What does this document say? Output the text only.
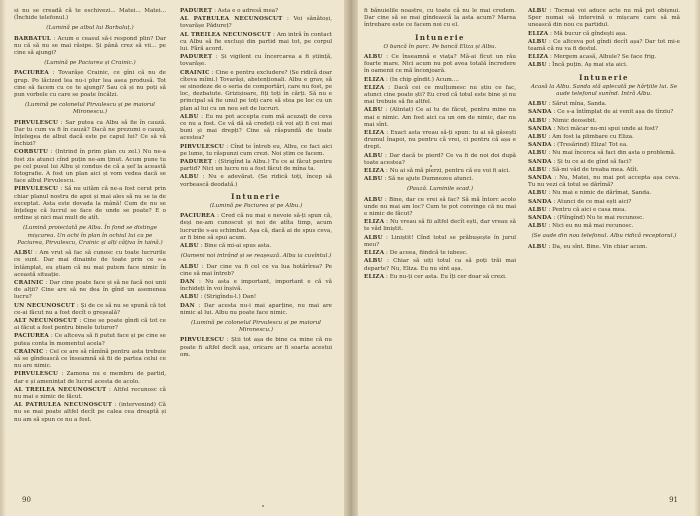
si nu se creadă că te eschivezi... Matei... Matei... (Închide telefonul.)

(Lumină pe albul lui Barbaluț.)

BARBATUL : Acum e ceasul să-i respond plin? Dar nu că să nu se mai răsipe. Și până crez să vii... pe cine să ajungi?

(Lumină pe Paciurea și Crainic.)

PACIUREA : Tovarășe Crainic, ce gîni că nu de grup. Po lăcized lea nu-i plur lea asea produsă. Tot cine să facem cu ce te ajungi? Sau că și nu poți să pun vorbele cu care se poate încălzi.

(Lumină pe colonelul Pirvulescu și pe maiorul Mironescu.)

PIRVULESCU : Sar putea ca Albu să fie în cauză. Dar tu cum va fi în cauză? Dacă ne prezumi o cauză, înțelegea de albul dacă este pe capul lui? Ce să vă închizi?

CORBUTU : (Intrind în prim plan cu zel.) Nu ne-a fost zis atunci cînd puțin ne-am ținut. Acum pune tu pe cel pusul lui Albu și condus de că a șef la această fotografie. A fost un plan aici și vom vedea dacă se face albul Pirvulescu.

PIRVULESCU : Să nu uităm că ne-a fost cerut prin chiar planul nostru de apoi și mai ales să nu se ia de exceptat. Asta este dovada la mână! Cum de nu se înțelege că lucrul se face de unde se poate? E o ordine și nici mai mult de atît.

(Lumină proiectată pe Albu. În fond se distinge mișcarea. Un ochi în plan în ochiul lui ca pe Paciurea, Pirvulescu, Crainic și alți câțiva în taină.)

ALBU : Am vrut să fac să cunosc cu toate lucrurile ce sunt. Dar mai dinainte de toate prin ce s-a întâmplat, eu știam că nu mai putem face nimic în această situație.

CRAINIC : Dar cine poate face și să ne facă noi unii de alții? Cine are să ne dea în gînd un asemenea lucru?

UN NECUNOSCUT : Și de ce să nu se spună că tot ce-ai făcut nu a fost decît o greșeală?

ALT NECUNOSCUT : Cine se poate gîndi că tot ce ai făcut a fost pentru binele tuturor?

PACIUREA : Ce altceva să fi putut face și pe cine se putea conta în momentul acela?

CRAINIC : Cel ce are să rămînă pentru asta trebuie să se gîndească ce înseamnă să fii de partea celui ce nu are nimic.

PIRVULESCU : Zamona nu e membru de partid, dar e și amenințat de lucrul acesta de acolo.

AL TREILEA NECUNOSCUT : Altfel recunosc că nu mai e nimic de făcut.

AL PATRULEA NECUNOSCUT : (intervenind) Că nu se mai poate altfel decît pe calea cea dreaptă și nu am să spun ce nu a fost.

PADUREȚ : Asta e o adresă mea?

AL PATRULEA NECUNOSCUT : Voi sănătoși, tovarășe Pădureț?

AL TREILEA NECUNOSCUT : Am intră în contact cu Albu să fie excluși din partid mai tot, pe corpul lui. Fără acord.

PADUREȚ : Și vigilent cu încercarea a fi știință, tovarășe.

CRAINIC : Cine e pentru excludere? (Se ridică doar cîteva mîini.) Tovarăși, abstenționali. Albu e grav, să se sinodeze de o seria de comportări, care nu fost, pe loc, dezbatute. Grizișioare, fiți toți în cărți. Să nu e principal să fie unul pe toți care să stea pe loc cu un plan al lui cu un nou set de lucruri.

ALBU : Eu nu pot accepta cum mă acuzați de ceva ce nu a fost. Ce vă dă să credeți că voi ați fi cei mai buni și mai drepți? Cine să răspundă de toate acestea?

PIRVULESCU : Cînd te întreb eu, Albu, ce faci aici pe lume, tu răspunzi cum crezi. Noi știm ce facem.

PADUREȚ : (Strigînd la Albu.) Tu ce ai făcut pentru partid? Nici un lucru nu a fost făcut de mîna ta.

ALBU : Nu e adevărat. (Se ridică toți, încep să vorbească deodată.)

Intunerie

(Lumină pe Paciurea și pe Albu.)

PACIUREA : Cred că nu mai e nevoie să-ți spun că, deși ne-am cunoscut și noi de atîta timp, acum lucrurile s-au schimbat. Așa că, dacă ai de spus ceva, ar fi bine să spui acum.

ALBU : Bine că mi-ai spus asta.

(Oameni noi intrând și se reașează. Albu ia cuvîntul.)

ALBU : Dar cine va fi cel ce va lua hotărîrea? Pe cine să mai întreb?

DAN : Nu asta e important, important e că vă închideți în voi înșivă.

ALBU : (Strigîndu-l.) Dan!

DAN : Dar acesta nu-i mai aparține, nu mai are nimic al lui. Albu nu poate face nimic.

(Lumină pe colonelul Pirvulescu și pe maiorul Mironescu.)

PIRVULESCU : Știi tot așa de bine ca mine că nu poate fi altfel decît așa, oricare ar fi soarta acestui om.

fi bănuielile noastre, cu toate că nu le mai credem. Dar cine să se mai gîndească la asta acum? Marea întrebare este ce facem noi cu el.

Intunerie

O bancă în parc. Pe bancă Eliza și Albu.

ALBU : Ce înseamnă e viața? Mă-ai fîcut un rău foarte mare. Nici acum nu pot avea totală încredere în oamenii ce mă înconjoară.

ELIZA : (In chip gîndit.) Acum....

ELIZA : Dacă cei ce mulțumesc nu știu ce fac, atunci cine poate ști? Eu cred că totul este bine și nu mai trebuie să fie altfel.

ALBU : (Alintat) Ce ai tu de făcut, pentru mine nu mai e nimic. Am fost aici ca un om de nimic, dar nu mai sînt.

ELIZA : Exact asta vreau să-ți spun: tu ai să găsești drumul înapoi, nu pentru că vrei, ci pentru că așa e drept.

ALBU : Dar dacă te pierd? Ce va fi de noi doi după toate acestea?

ELIZA : Nu ai să mă pierzi, pentru că eu voi fi aici.

ALBU : Să ne ajute Dumnezeu atunci.

(Pauză. Luminile scad.)

ALBU : Bine, dar ce vrei să fac? Să mă întorc acolo unde nu mai am loc? Cum te pot convinge că nu mai e nimic de făcut?

ELIZA : Nu vreau să fii altfel decît ești, dar vreau să te văd liniștit.

ALBU : Liniștit! Cînd totul se prăbușește în jurul meu?

ELIZA : De aceea, fiindcă te iubesc.

ALBU : Chiar să uiți totul ca să poți trăi mai departe? Nu, Eliza. Eu nu sînt așa.

ELIZA : Eu nu-ți cer asta. Eu îți cer doar să crezi.

ALBU : Tocmai voi aduce acte nu mă pot obișnui. Sper numai să intervină o mișcare care să mă unească din nou cu partidul.

ELIZA : Mă bucur că gîndești așa.

ALBU : Ce altceva pot gîndi decît așa? Dar tot mi-e teamă că nu va fi destul.

ELIZA : Mergem acasă, Albule? Se face frig.

ALBU : Încă puțin. Aș mai sta aici.

Intunerie

Acasă la Albu. Sanda stă aplecată pe hărțiile lui. Se aude telefonul sunînd. Intră Albu.

ALBU : Sărut mîna, Sanda.

SANDA : Ce s-a întîmplat de ai venit așa de tîrziu?

ALBU : Nimic deosebit.

SANDA : Nici măcar nu-mi spui unde ai fost?

ALBU : Am fost la plimbare cu Eliza.

SANDA : (Tresărind) Eliza! Tot ea.

ALBU : Nu mai încerca să faci din asta o problemă.

SANDA : Și tu ce ai de gînd să faci?

ALBU : Să-mi văd de treaba mea. Atît.

SANDA : Nu, Matei, nu mai pot accepta așa ceva. Tu nu vezi că totul se dărîmă?

ALBU : Nu mai e nimic de dărîmat, Sanda.

SANDA : Atunci de ce mai ești aici?

ALBU : Pentru că aici e casa mea.

SANDA : (Plîngînd) Nu te mai recunosc.

ALBU : Nici eu nu mă mai recunosc.

(Se aude din nou telefonul. Albu ridică receptorul.)

ALBU : Da, eu sînt. Bine. Vin chiar acum.

90	91
